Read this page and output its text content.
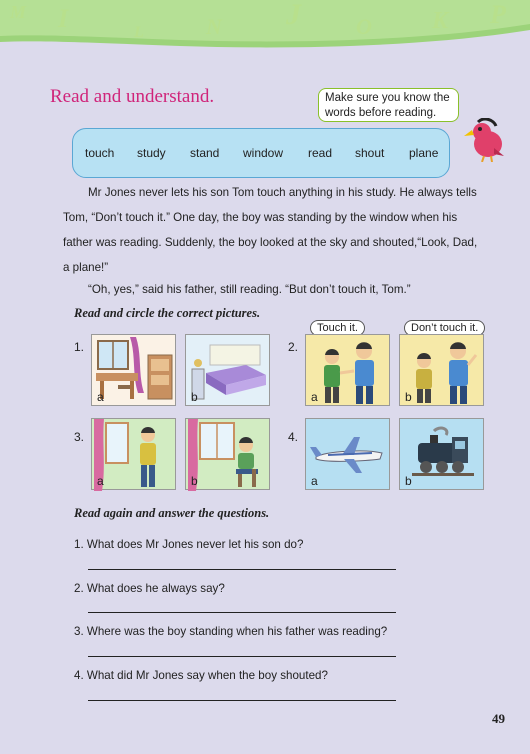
M I	L	N J	O	K P
Read and understand.	Make sure you know the
words before reading.
touch study stand window read shout plane
Mr Jones never lets his son Tom touch anything in his study. He always tells
Tom, “Don’t touch it.” One day, the boy was standing by the window when his
father was reading. Suddenly, the boy looked at the sky and shouted,“Look, Dad,
a plane!”
“Oh, yes,” said his father, still reading. “But don’t touch it, Tom.”
Read and circle the correct pictures.
1.
a	b
2.
Touch it.	Don’t touch it.
a	b
3.
a	b
4.
a	b
Read again and answer the questions.
1. What does Mr Jones never let his son do?
2. What does he always say?
3. Where was the boy standing when his father was reading?
4. What did Mr Jones say when the boy shouted?
49
